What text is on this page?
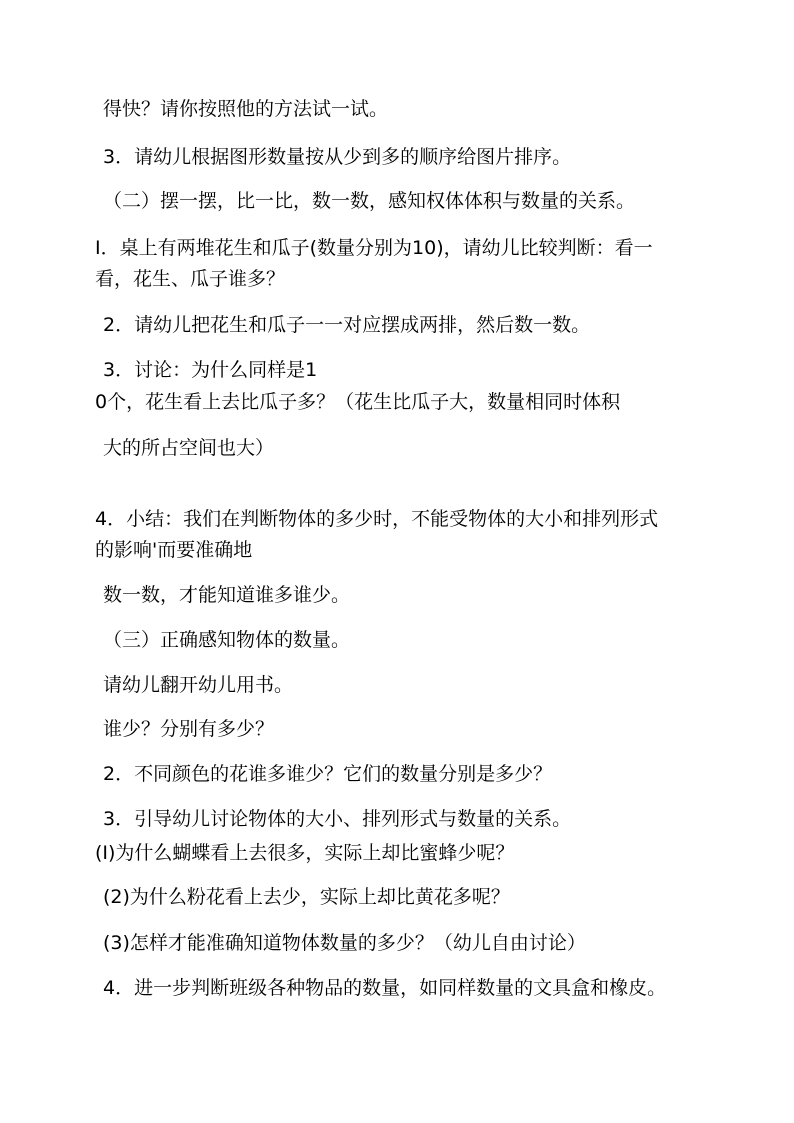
得快？请你按照他的方法试一试。
3．请幼儿根据图形数量按从少到多的顺序给图片排序。
（二）摆一摆，比一比，数一数，感知权体体积与数量的关系。
I．桌上有两堆花生和瓜子(数量分别为10)，请幼儿比较判断：看一
看，花生、瓜子谁多？
2．请幼儿把花生和瓜子一一对应摆成两排，然后数一数。
3．讨论：为什么同样是1
0个，花生看上去比瓜子多？（花生比瓜子大，数量相同时体积
大的所占空间也大）
4．小结：我们在判断物体的多少时，不能受物体的大小和排列形式
的影响'而要准确地
数一数，才能知道谁多谁少。
（三）正确感知物体的数量。
请幼儿翻开幼儿用书。
谁少？分别有多少？
2．不同颜色的花谁多谁少？它们的数量分别是多少？
3．引导幼儿讨论物体的大小、排列形式与数量的关系。
(I)为什么蝴蝶看上去很多，实际上却比蜜蜂少呢？
(2)为什么粉花看上去少，实际上却比黄花多呢？
(3)怎样才能准确知道物体数量的多少？（幼儿自由讨论）
4．进一步判断班级各种物品的数量，如同样数量的文具盒和橡皮。
